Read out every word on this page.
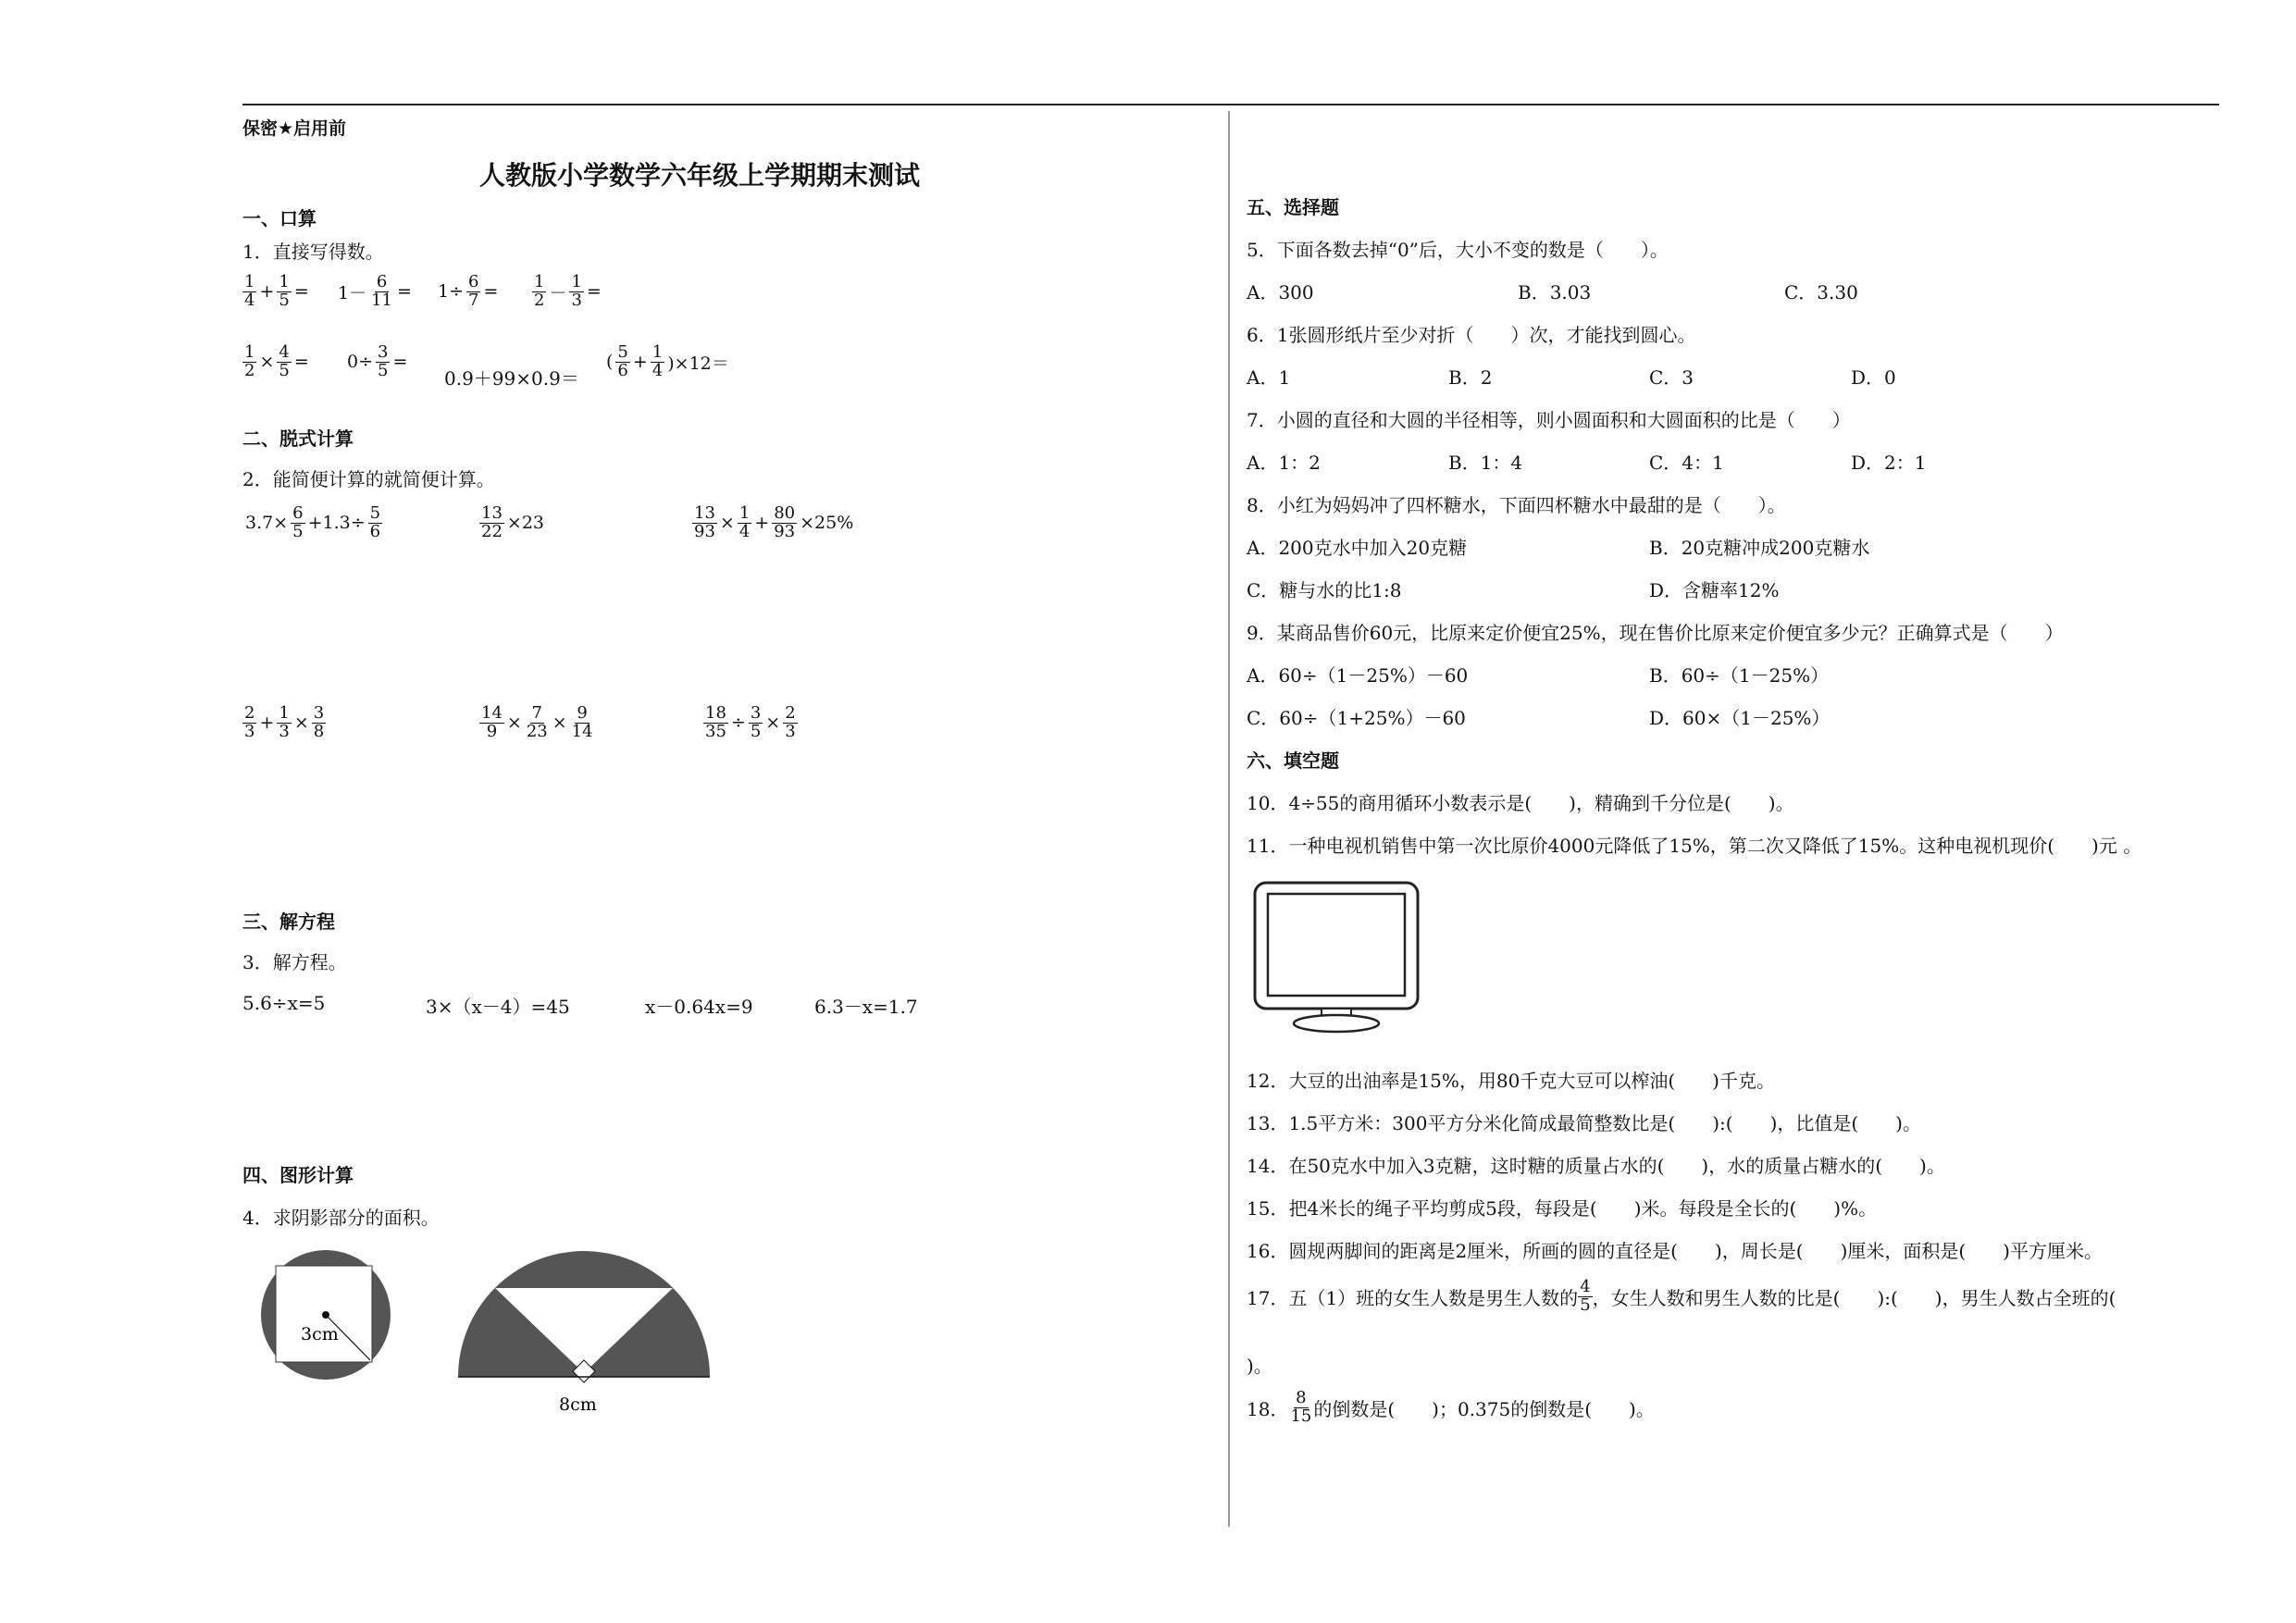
保密★启用前
人教版小学数学六年级上学期期末测试
一、口算
1．直接写得数。
$\frac{1}{4} + \frac{1}{5} = 1- \frac{6}{11} = 1\div \frac{6}{7} = \frac{1}{2} - \frac{1}{3}$ =
$\frac{1}{2} \times \frac{4}{5} = 0\div \frac{3}{5}$ =
0.9＋99×0.9＝
( $\frac{5}{6} + \frac{1}{4} )\times 12=$
二、脱式计算
2．能简便计算的就简便计算。
$3.7\times \frac{6}{5} +1.3\div \frac{5}{6}$	$\frac{13}{22} \times 23$	$\frac{13}{93} \times \frac{1}{4} + \frac{80}{93} \times 25\%$
$\frac{2}{3} + \frac{1}{3} \times \frac{3}{8}$	$\frac{14}{9} \times \frac{7}{23} \times \frac{9}{14}$	$\frac{18}{35} \div \frac{3}{5} \times \frac{2}{3}$
三、解方程
3．解方程。
5.6÷x=5	3×（x－4）=45	x－0.64x=9	6.3－x=1.7
四、图形计算
4．求阴影部分的面积。
3cm
8cm
五、选择题
5．下面各数去掉“0”后，大小不变的数是（　　）。
A．300	B．3.03	C．3.30
6．1张圆形纸片至少对折（　　）次，才能找到圆心。
A．1	B．2	C．3	D．0
7．小圆的直径和大圆的半径相等，则小圆面积和大圆面积的比是（　　）
A．1：2	B．1：4	C．4：1	D．2：1
8．小红为妈妈冲了四杯糖水，下面四杯糖水中最甜的是（　　）。
A．200克水中加入20克糖	B．20克糖冲成200克糖水
C．糖与水的比1:8	D．含糖率12%
9．某商品售价60元，比原来定价便宜25%，现在售价比原来定价便宜多少元？正确算式是（　　）
A．60÷（1－25%）－60	B．60÷（1－25%）
C．60÷（1+25%）－60	D．60×（1－25%）
六、填空题
10．4÷55的商用循环小数表示是(　　)，精确到千分位是(　　)。
11．一种电视机销售中第一次比原价4000元降低了15%，第二次又降低了15%。这种电视机现价(　　)元 。
12．大豆的出油率是15%，用80千克大豆可以榨油(　　)千克。
13．1.5平方米：300平方分米化简成最简整数比是(　　):(　　)，比值是(　　)。
14．在50克水中加入3克糖，这时糖的质量占水的(　　)，水的质量占糖水的(　　)。
15．把4米长的绳子平均剪成5段，每段是(　　)米。每段是全长的(　　)%。
16．圆规两脚间的距离是2厘米，所画的圆的直径是(　　)，周长是(　　)厘米，面积是(　　)平方厘米。
17．五（1）班的女生人数是男生人数的 $\frac{4}{5}$ ，女生人数和男生人数的比是(　　):(　　)，男生人数占全班的(
)。
18． $\frac{8}{15}$ 的倒数是(　　)；0.375的倒数是(　　)。
